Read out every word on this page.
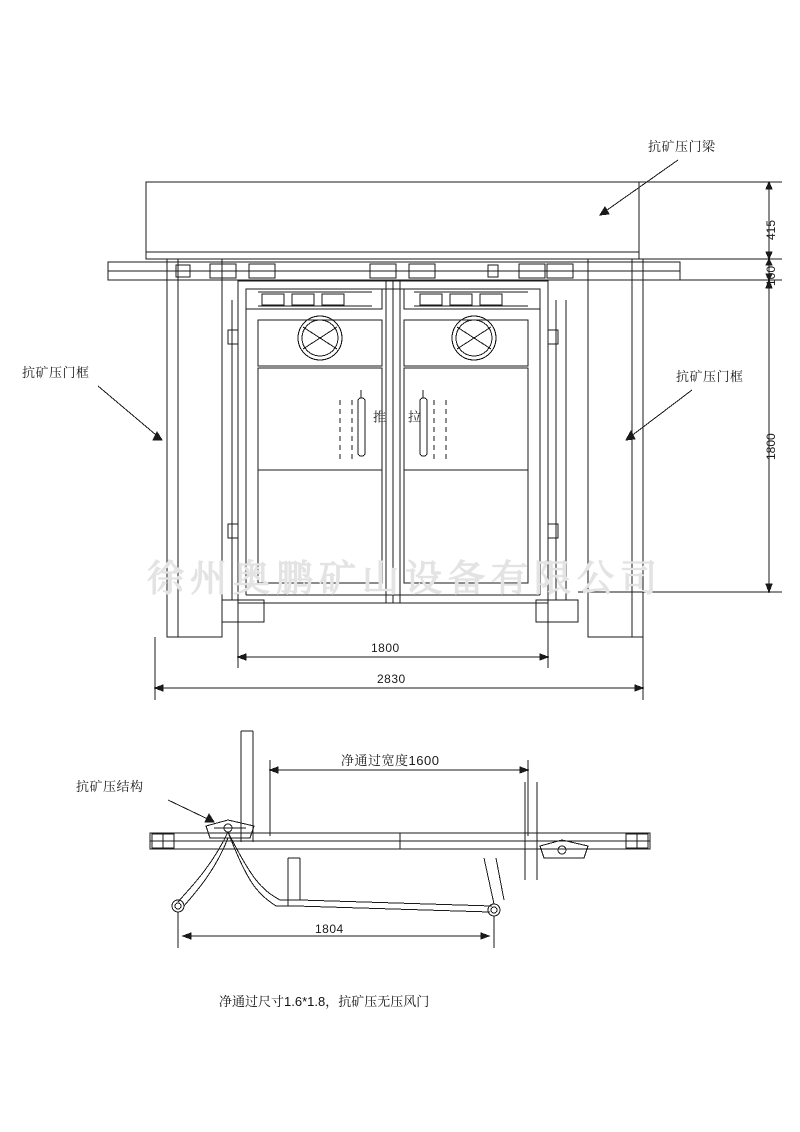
抗矿压门梁
抗矿压门框	抗矿压门框
抗矿压结构
推 拉
415
100
1800
1800
2830
净通过宽度1600
1804
净通过尺寸1.6*1.8，抗矿压无压风门
徐州奥鹏矿山设备有限公司
